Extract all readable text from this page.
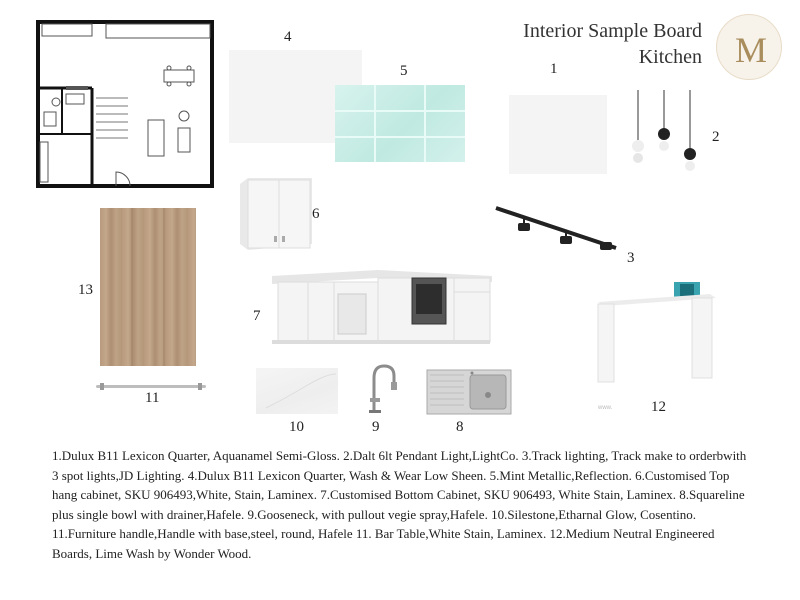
Interior Sample Board
Kitchen M
4
5	1
2
6
3
13
11
7
12
10	9
www.
8
1.Dulux B11 Lexicon Quarter, Aquanamel Semi-Gloss. 2.Dalt 6lt Pendant Light,LightCo. 3.Track lighting, Track make to orderbwith 3 spot lights,JD Lighting. 4.Dulux B11 Lexicon Quarter, Wash & Wear Low Sheen. 5.Mint Metallic,Reflection. 6.Customised Top hang cabinet, SKU 906493,White, Stain, Laminex. 7.Customised Bottom Cabinet, SKU 906493, White Stain, Laminex. 8.Squareline plus single bowl with drainer,Hafele. 9.Gooseneck, with pullout vegie spray,Hafele. 10.Silestone,Etharnal Glow, Cosentino. 11.Furniture handle,Handle with base,steel, round, Hafele 11. Bar Table,White Stain, Laminex. 12.Medium Neutral Engineered Boards, Lime Wash by Wonder Wood.
